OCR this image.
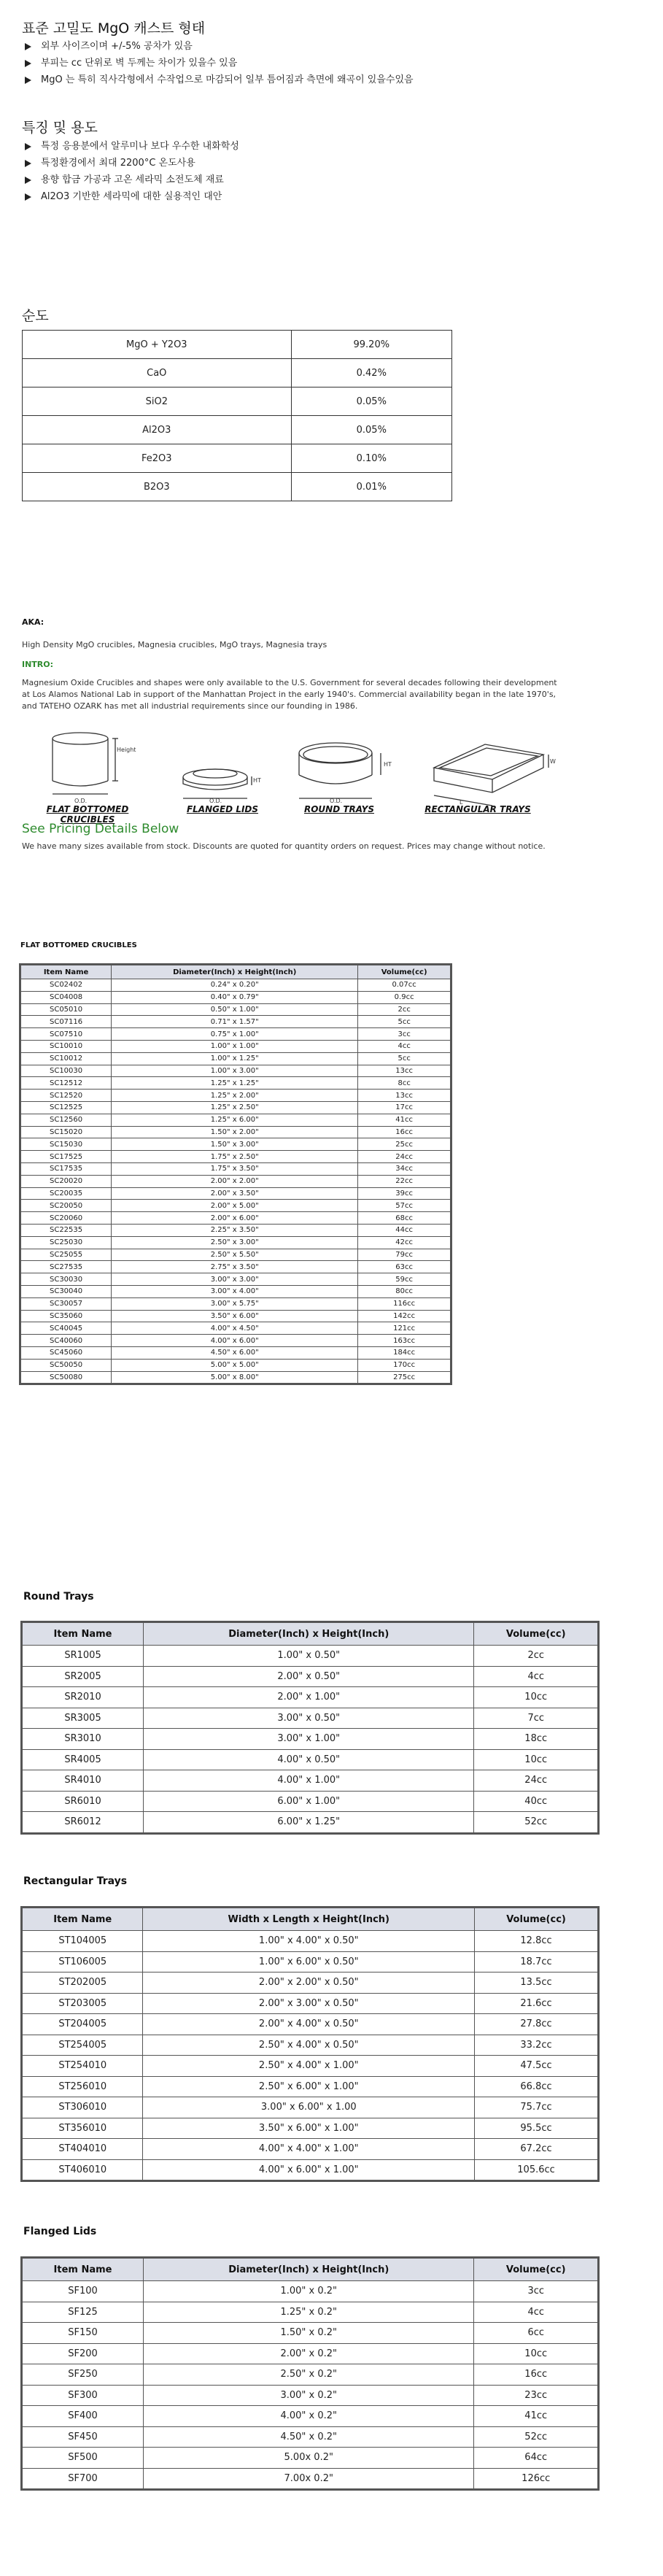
표준 고밀도 MgO 캐스트 형태
외부 사이즈이며 +/-5% 공차가 있음
부피는 cc 단위로 벽 두께는 차이가 있을수 있음
MgO 는 특히 직사각형에서 수작업으로 마감되어 일부 틈어짐과 측면에 왜곡이 있을수있음
특징 및 용도
특정 응용분에서 알루미나 보다 우수한 내화학성
특정환경에서 최대 2200°C 온도사용
용향 합금 가공과 고온 세라믹 소전도체 재료
Al2O3 기반한 세라믹에 대한 실용적인 대안
순도
MgO + Y2O3	99.20%
CaO	0.42%
SiO2	0.05%
Al2O3	0.05%
Fe2O3	0.10%
B2O3	0.01%
AKA:
High Density MgO crucibles, Magnesia crucibles, MgO trays, Magnesia trays
INTRO:
Magnesium Oxide Crucibles and shapes were only available to the U.S. Government for several decades following their development at Los Alamos National Lab in support of the Manhattan Project in the early 1940's. Commercial availability began in the late 1970's, and TATEHO OZARK has met all industrial requirements since our founding in 1986.
Height
O.D.	O.D.
HT
O.D.
HT
L
W
FLAT BOTTOMED CRUCIBLES
FLANGED LIDS	ROUND TRAYS	RECTANGULAR TRAYS
See Pricing Details Below
We have many sizes available from stock. Discounts are quoted for quantity orders on request. Prices may change without notice.
FLAT BOTTOMED CRUCIBLES
Item Name	Diameter(Inch) x Height(Inch)	Volume(cc)
SC02402	0.24" x 0.20"	0.07cc
SC04008	0.40" x 0.79"	0.9cc
SC05010	0.50" x 1.00"	2cc
SC07116	0.71" x 1.57"	5cc
SC07510	0.75" x 1.00"	3cc
SC10010	1.00" x 1.00"	4cc
SC10012	1.00" x 1.25"	5cc
SC10030	1.00" x 3.00"	13cc
SC12512	1.25" x 1.25"	8cc
SC12520	1.25" x 2.00"	13cc
SC12525	1.25" x 2.50"	17cc
SC12560	1.25" x 6.00"	41cc
SC15020	1.50" x 2.00"	16cc
SC15030	1.50" x 3.00"	25cc
SC17525	1.75" x 2.50"	24cc
SC17535	1.75" x 3.50"	34cc
SC20020	2.00" x 2.00"	22cc
SC20035	2.00" x 3.50"	39cc
SC20050	2.00" x 5.00"	57cc
SC20060	2.00" x 6.00"	68cc
SC22535	2.25" x 3.50"	44cc
SC25030	2.50" x 3.00"	42cc
SC25055	2.50" x 5.50"	79cc
SC27535	2.75" x 3.50"	63cc
SC30030	3.00" x 3.00"	59cc
SC30040	3.00" x 4.00"	80cc
SC30057	3.00" x 5.75"	116cc
SC35060	3.50" x 6.00"	142cc
SC40045	4.00" x 4.50"	121cc
SC40060	4.00" x 6.00"	163cc
SC45060	4.50" x 6.00"	184cc
SC50050	5.00" x 5.00"	170cc
SC50080	5.00" x 8.00"	275cc
Round Trays
Item Name	Diameter(Inch) x Height(Inch)	Volume(cc)
SR1005	1.00" x 0.50"	2cc
SR2005	2.00" x 0.50"	4cc
SR2010	2.00" x 1.00"	10cc
SR3005	3.00" x 0.50"	7cc
SR3010	3.00" x 1.00"	18cc
SR4005	4.00" x 0.50"	10cc
SR4010	4.00" x 1.00"	24cc
SR6010	6.00" x 1.00"	40cc
SR6012	6.00" x 1.25"	52cc
Rectangular Trays
Item Name	Width x Length x Height(Inch)	Volume(cc)
ST104005	1.00" x 4.00" x 0.50"	12.8cc
ST106005	1.00" x 6.00" x 0.50"	18.7cc
ST202005	2.00" x 2.00" x 0.50"	13.5cc
ST203005	2.00" x 3.00" x 0.50"	21.6cc
ST204005	2.00" x 4.00" x 0.50"	27.8cc
ST254005	2.50" x 4.00" x 0.50"	33.2cc
ST254010	2.50" x 4.00" x 1.00"	47.5cc
ST256010	2.50" x 6.00" x 1.00"	66.8cc
ST306010	3.00" x 6.00" x 1.00	75.7cc
ST356010	3.50" x 6.00" x 1.00"	95.5cc
ST404010	4.00" x 4.00" x 1.00"	67.2cc
ST406010	4.00" x 6.00" x 1.00"	105.6cc
Flanged Lids
Item Name	Diameter(Inch) x Height(Inch)	Volume(cc)
SF100	1.00" x 0.2"	3cc
SF125	1.25" x 0.2"	4cc
SF150	1.50" x 0.2"	6cc
SF200	2.00" x 0.2"	10cc
SF250	2.50" x 0.2"	16cc
SF300	3.00" x 0.2"	23cc
SF400	4.00" x 0.2"	41cc
SF450	4.50" x 0.2"	52cc
SF500	5.00x 0.2"	64cc
SF700	7.00x 0.2"	126cc
